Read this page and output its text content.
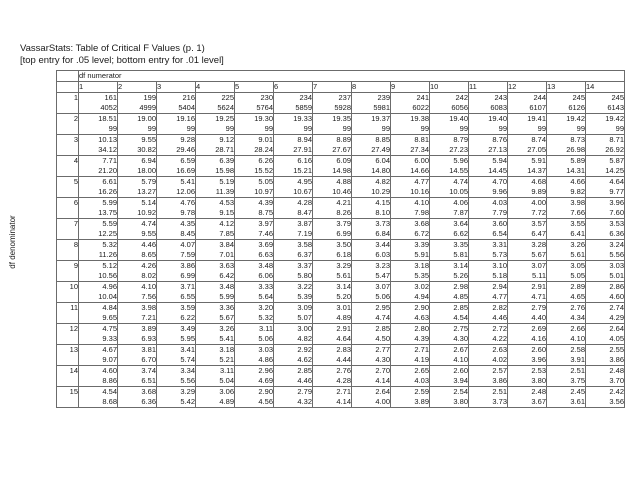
VassarStats: Table of Critical F Values (p. 1)
[top entry for .05 level; bottom entry for .01 level]
df denominator
	df numerator													
	1	2	3	4	5	6	7	8	9	10	11	12	13	14
1	161	199	216	225	230	234	237	239	241	242	243	244	245	245
	4052	4999	5404	5624	5764	5859	5928	5981	6022	6056	6083	6107	6126	6143
2	18.51	19.00	19.16	19.25	19.30	19.33	19.35	19.37	19.38	19.40	19.40	19.41	19.42	19.42
	99	99	99	99	99	99	99	99	99	99	99	99	99	99
3	10.13	9.55	9.28	9.12	9.01	8.94	8.89	8.85	8.81	8.79	8.76	8.74	8.73	8.71
	34.12	30.82	29.46	28.71	28.24	27.91	27.67	27.49	27.34	27.23	27.13	27.05	26.98	26.92
4	7.71	6.94	6.59	6.39	6.26	6.16	6.09	6.04	6.00	5.96	5.94	5.91	5.89	5.87
	21.20	18.00	16.69	15.98	15.52	15.21	14.98	14.80	14.66	14.55	14.45	14.37	14.31	14.25
5	6.61	5.79	5.41	5.19	5.05	4.95	4.88	4.82	4.77	4.74	4.70	4.68	4.66	4.64
	16.26	13.27	12.06	11.39	10.97	10.67	10.46	10.29	10.16	10.05	9.96	9.89	9.82	9.77
6	5.99	5.14	4.76	4.53	4.39	4.28	4.21	4.15	4.10	4.06	4.03	4.00	3.98	3.96
	13.75	10.92	9.78	9.15	8.75	8.47	8.26	8.10	7.98	7.87	7.79	7.72	7.66	7.60
7	5.59	4.74	4.35	4.12	3.97	3.87	3.79	3.73	3.68	3.64	3.60	3.57	3.55	3.53
	12.25	9.55	8.45	7.85	7.46	7.19	6.99	6.84	6.72	6.62	6.54	6.47	6.41	6.36
8	5.32	4.46	4.07	3.84	3.69	3.58	3.50	3.44	3.39	3.35	3.31	3.28	3.26	3.24
	11.26	8.65	7.59	7.01	6.63	6.37	6.18	6.03	5.91	5.81	5.73	5.67	5.61	5.56
9	5.12	4.26	3.86	3.63	3.48	3.37	3.29	3.23	3.18	3.14	3.10	3.07	3.05	3.03
	10.56	8.02	6.99	6.42	6.06	5.80	5.61	5.47	5.35	5.26	5.18	5.11	5.05	5.01
10	4.96	4.10	3.71	3.48	3.33	3.22	3.14	3.07	3.02	2.98	2.94	2.91	2.89	2.86
	10.04	7.56	6.55	5.99	5.64	5.39	5.20	5.06	4.94	4.85	4.77	4.71	4.65	4.60
11	4.84	3.98	3.59	3.36	3.20	3.09	3.01	2.95	2.90	2.85	2.82	2.79	2.76	2.74
	9.65	7.21	6.22	5.67	5.32	5.07	4.89	4.74	4.63	4.54	4.46	4.40	4.34	4.29
12	4.75	3.89	3.49	3.26	3.11	3.00	2.91	2.85	2.80	2.75	2.72	2.69	2.66	2.64
	9.33	6.93	5.95	5.41	5.06	4.82	4.64	4.50	4.39	4.30	4.22	4.16	4.10	4.05
13	4.67	3.81	3.41	3.18	3.03	2.92	2.83	2.77	2.71	2.67	2.63	2.60	2.58	2.55
	9.07	6.70	5.74	5.21	4.86	4.62	4.44	4.30	4.19	4.10	4.02	3.96	3.91	3.86
14	4.60	3.74	3.34	3.11	2.96	2.85	2.76	2.70	2.65	2.60	2.57	2.53	2.51	2.48
	8.86	6.51	5.56	5.04	4.69	4.46	4.28	4.14	4.03	3.94	3.86	3.80	3.75	3.70
15	4.54	3.68	3.29	3.06	2.90	2.79	2.71	2.64	2.59	2.54	2.51	2.48	2.45	2.42
	8.68	6.36	5.42	4.89	4.56	4.32	4.14	4.00	3.89	3.80	3.73	3.67	3.61	3.56
